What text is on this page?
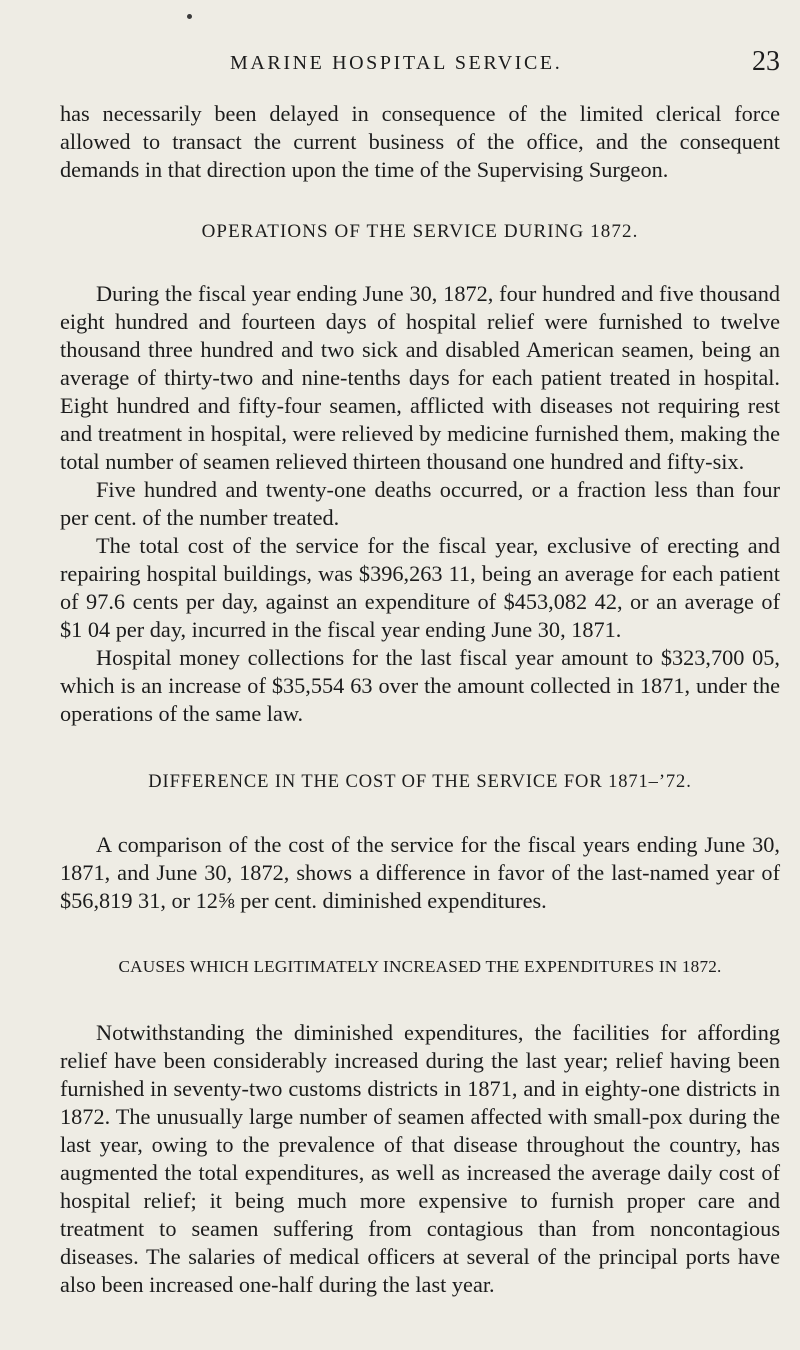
MARINE HOSPITAL SERVICE.	23

has necessarily been delayed in consequence of the limited clerical force allowed to transact the current business of the office, and the consequent demands in that direction upon the time of the Supervising Surgeon.

OPERATIONS OF THE SERVICE DURING 1872.

During the fiscal year ending June 30, 1872, four hundred and five thousand eight hundred and fourteen days of hospital relief were furnished to twelve thousand three hundred and two sick and disabled American seamen, being an average of thirty-two and nine-tenths days for each patient treated in hospital. Eight hundred and fifty-four seamen, afflicted with diseases not requiring rest and treatment in hospital, were relieved by medicine furnished them, making the total number of seamen relieved thirteen thousand one hundred and fifty-six.

Five hundred and twenty-one deaths occurred, or a fraction less than four per cent. of the number treated.

The total cost of the service for the fiscal year, exclusive of erecting and repairing hospital buildings, was $396,263 11, being an average for each patient of 97.6 cents per day, against an expenditure of $453,082 42, or an average of $1 04 per day, incurred in the fiscal year ending June 30, 1871.

Hospital money collections for the last fiscal year amount to $323,700 05, which is an increase of $35,554 63 over the amount collected in 1871, under the operations of the same law.

DIFFERENCE IN THE COST OF THE SERVICE FOR 1871–’72.

A comparison of the cost of the service for the fiscal years ending June 30, 1871, and June 30, 1872, shows a difference in favor of the last-named year of $56,819 31, or 12⅝ per cent. diminished expenditures.

CAUSES WHICH LEGITIMATELY INCREASED THE EXPENDITURES IN 1872.

Notwithstanding the diminished expenditures, the facilities for affording relief have been considerably increased during the last year; relief having been furnished in seventy-two customs districts in 1871, and in eighty-one districts in 1872. The unusually large number of seamen affected with small-pox during the last year, owing to the prevalence of that disease throughout the country, has augmented the total expenditures, as well as increased the average daily cost of hospital relief; it being much more expensive to furnish proper care and treatment to seamen suffering from contagious than from noncontagious diseases. The salaries of medical officers at several of the principal ports have also been increased one-half during the last year.
